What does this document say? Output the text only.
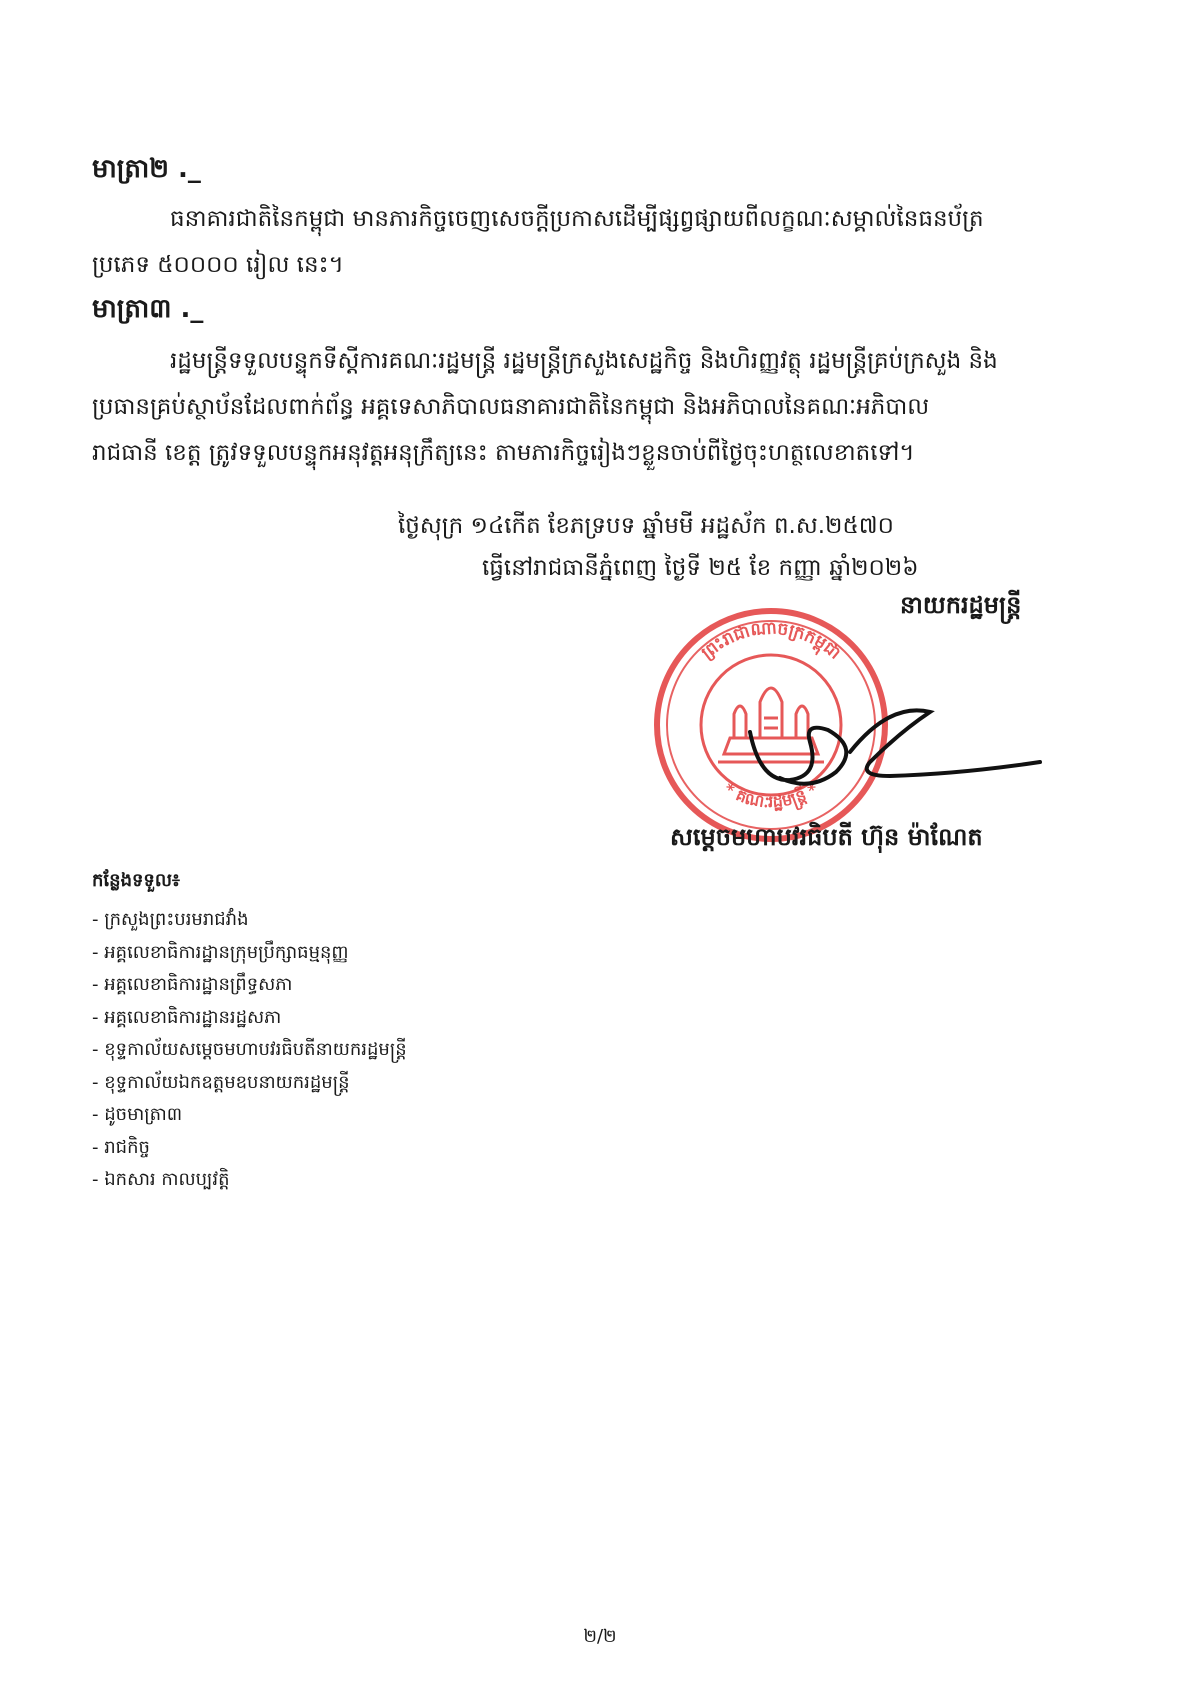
មាត្រា២ ._
ធនាគារជាតិនៃកម្ពុជា មានភារកិច្ចចេញសេចក្តីប្រកាសដើម្បីផ្សព្វផ្សាយពីលក្ខណៈសម្គាល់នៃធនប័ត្រ
ប្រភេទ ៥០០០០ រៀល នេះ។
មាត្រា៣ ._
រដ្ឋមន្ត្រីទទួលបន្ទុកទីស្តីការគណៈរដ្ឋមន្ត្រី រដ្ឋមន្ត្រីក្រសួងសេដ្ឋកិច្ច និងហិរញ្ញវត្ថុ រដ្ឋមន្ត្រីគ្រប់ក្រសួង និង
ប្រធានគ្រប់ស្ថាប័នដែលពាក់ព័ន្ធ អគ្គទេសាភិបាលធនាគារជាតិនៃកម្ពុជា និងអភិបាលនៃគណៈអភិបាល
រាជធានី ខេត្ត ត្រូវទទួលបន្ទុកអនុវត្តអនុក្រឹត្យនេះ តាមភារកិច្ចរៀងៗខ្លួនចាប់ពីថ្ងៃចុះហត្ថលេខាតទៅ។
ថ្ងៃសុក្រ ១៤កើត ខែភទ្របទ ឆ្នាំមមី អដ្ឋស័ក ព.ស.២៥៧០
ធ្វើនៅរាជធានីភ្នំពេញ ថ្ងៃទី ២៥ ខែ កញ្ញា ឆ្នាំ២០២៦
ព្រះរាជាណាចក្រកម្ពុជា
* គណៈរដ្ឋមន្ត្រី *
នាយករដ្ឋមន្ត្រី
សម្តេចមហាបវរធិបតី ហ៊ុន ម៉ាណែត
កន្លែងទទួល៖
- ក្រសួងព្រះបរមរាជវាំង
- អគ្គលេខាធិការដ្ឋានក្រុមប្រឹក្សាធម្មនុញ្ញ
- អគ្គលេខាធិការដ្ឋានព្រឹទ្ធសភា
- អគ្គលេខាធិការដ្ឋានរដ្ឋសភា
- ខុទ្ទកាល័យសម្តេចមហាបវរធិបតីនាយករដ្ឋមន្ត្រី
- ខុទ្ទកាល័យឯកឧត្តមឧបនាយករដ្ឋមន្ត្រី
- ដូចមាត្រា៣
- រាជកិច្ច
- ឯកសារ កាលប្បវត្តិ
២/២
